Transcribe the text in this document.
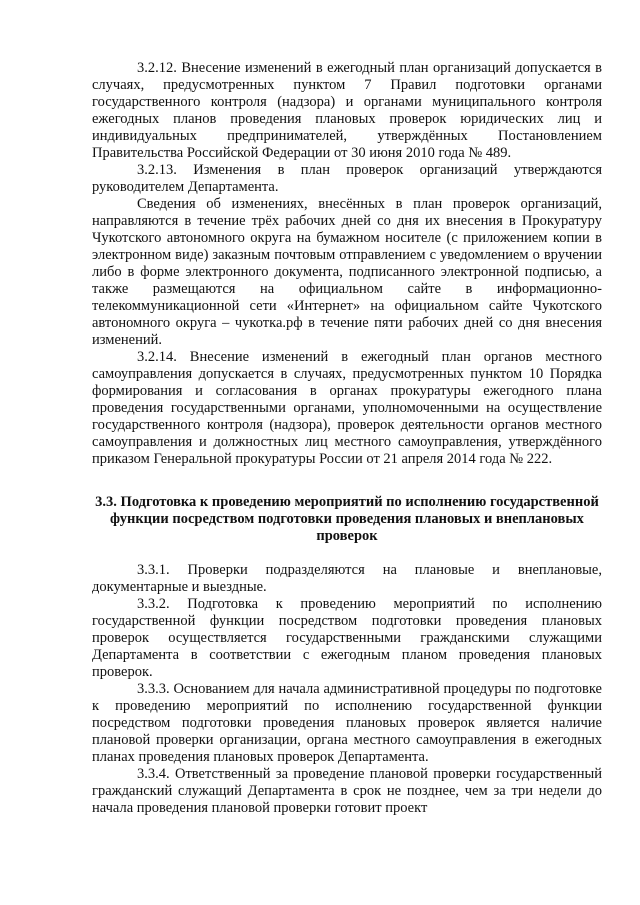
3.2.12. Внесение изменений в ежегодный план организаций допускается в случаях, предусмотренных пунктом 7 Правил подготовки органами государственного контроля (надзора) и органами муниципального контроля ежегодных планов проведения плановых проверок юридических лиц и индивидуальных предпринимателей, утверждённых Постановлением Правительства Российской Федерации от 30 июня 2010 года № 489.

3.2.13. Изменения в план проверок организаций утверждаются руководителем Департамента.

Сведения об изменениях, внесённых в план проверок организаций, направляются в течение трёх рабочих дней со дня их внесения в Прокуратуру Чукотского автономного округа на бумажном носителе (с приложением копии в электронном виде) заказным почтовым отправлением с уведомлением о вручении либо в форме электронного документа, подписанного электронной подписью, а также размещаются на официальном сайте в информационно-телекоммуникационной сети «Интернет» на официальном сайте Чукотского автономного округа – чукотка.рф в течение пяти рабочих дней со дня внесения изменений.

3.2.14. Внесение изменений в ежегодный план органов местного самоуправления допускается в случаях, предусмотренных пунктом 10 Порядка формирования и согласования в органах прокуратуры ежегодного плана проведения государственными органами, уполномоченными на осуществление государственного контроля (надзора), проверок деятельности органов местного самоуправления и должностных лиц местного самоуправления, утверждённого приказом Генеральной прокуратуры России от 21 апреля 2014 года № 222.

3.3. Подготовка к проведению мероприятий по исполнению государственной функции посредством подготовки проведения плановых и внеплановых проверок

3.3.1. Проверки подразделяются на плановые и внеплановые, документарные и выездные.

3.3.2. Подготовка к проведению мероприятий по исполнению государственной функции посредством подготовки проведения плановых проверок осуществляется государственными гражданскими служащими Департамента в соответствии с ежегодным планом проведения плановых проверок.

3.3.3. Основанием для начала административной процедуры по подготовке к проведению мероприятий по исполнению государственной функции посредством подготовки проведения плановых проверок является наличие плановой проверки организации, органа местного самоуправления в ежегодных планах проведения плановых проверок Департамента.

3.3.4. Ответственный за проведение плановой проверки государственный гражданский служащий Департамента в срок не позднее, чем за три недели до начала проведения плановой проверки готовит проект
